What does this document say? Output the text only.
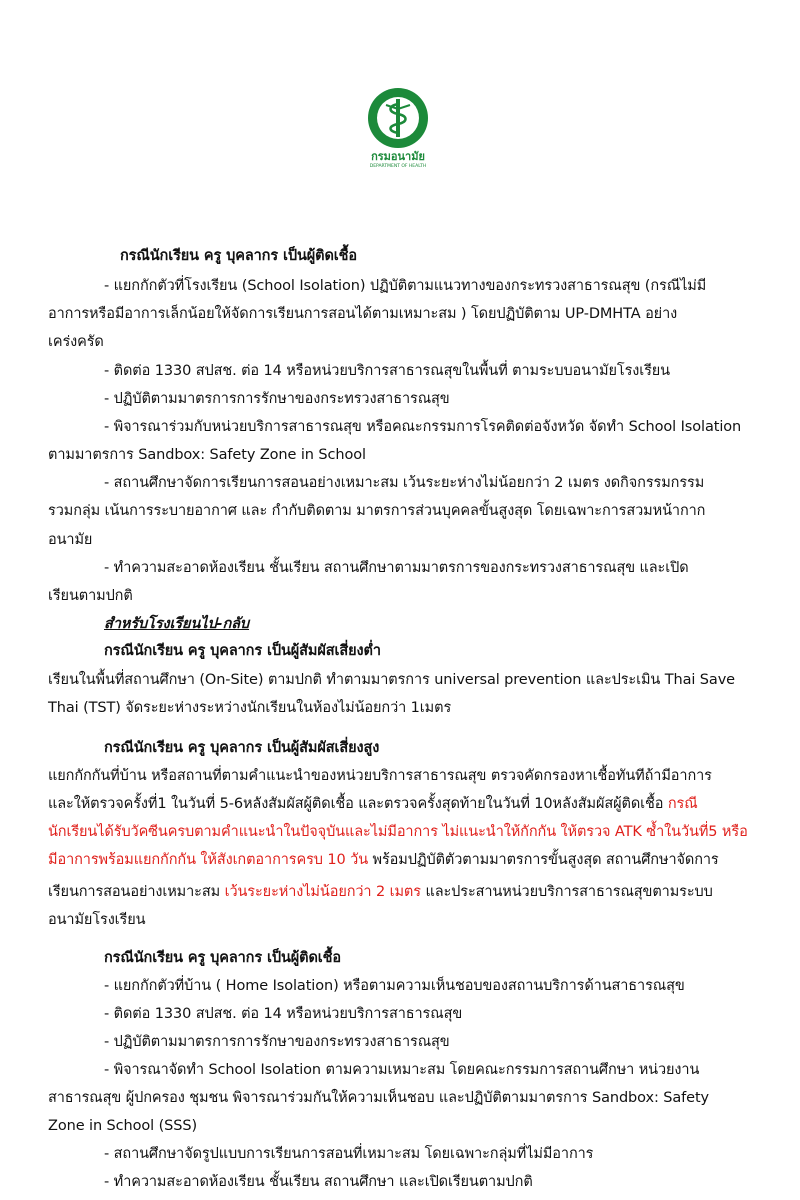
กรมอนามัย
DEPARTMENT OF HEALTH
กรณีนักเรียน ครู บุคลากร เป็นผู้ติดเชื้อ
- แยกกักตัวที่โรงเรียน (School Isolation) ปฏิบัติตามแนวทางของกระทรวงสาธารณสุข (กรณีไม่มี
อาการหรือมีอาการเล็กน้อยให้จัดการเรียนการสอนได้ตามเหมาะสม ) โดยปฏิบัติตาม UP-DMHTA อย่าง
เคร่งครัด
- ติดต่อ 1330 สปสช. ต่อ 14 หรือหน่วยบริการสาธารณสุขในพื้นที่ ตามระบบอนามัยโรงเรียน
- ปฏิบัติตามมาตรการการรักษาของกระทรวงสาธารณสุข
- พิจารณาร่วมกับหน่วยบริการสาธารณสุข หรือคณะกรรมการโรคติดต่อจังหวัด จัดทำ School Isolation
ตามมาตรการ Sandbox: Safety Zone in School
- สถานศึกษาจัดการเรียนการสอนอย่างเหมาะสม เว้นระยะห่างไม่น้อยกว่า 2 เมตร งดกิจกรรมกรรม
รวมกลุ่ม เน้นการระบายอากาศ และ กำกับติดตาม มาตรการส่วนบุคคลขั้นสูงสุด โดยเฉพาะการสวมหน้ากาก
อนามัย
- ทำความสะอาดห้องเรียน ชั้นเรียน สถานศึกษาตามมาตรการของกระทรวงสาธารณสุข และเปิด
เรียนตามปกติ
สำหรับโรงเรียนไป-กลับ
กรณีนักเรียน ครู บุคลากร เป็นผู้สัมผัสเสี่ยงต่ำ
เรียนในพื้นที่สถานศึกษา (On-Site) ตามปกติ ทำตามมาตรการ universal prevention และประเมิน Thai Save
Thai (TST) จัดระยะห่างระหว่างนักเรียนในห้องไม่น้อยกว่า 1เมตร
กรณีนักเรียน ครู บุคลากร เป็นผู้สัมผัสเสี่ยงสูง
แยกกักกันที่บ้าน หรือสถานที่ตามคำแนะนำของหน่วยบริการสาธารณสุข ตรวจคัดกรองหาเชื้อทันทีถ้ามีอาการ
และให้ตรวจครั้งที่1 ในวันที่ 5-6หลังสัมผัสผู้ติดเชื้อ และตรวจครั้งสุดท้ายในวันที่ 10หลังสัมผัสผู้ติดเชื้อ กรณี
นักเรียนได้รับวัคซีนครบตามคำแนะนำในปัจจุบันและไม่มีอาการ ไม่แนะนำให้กักกัน ให้ตรวจ ATK ซ้ำในวันที่5 หรือ
มีอาการพร้อมแยกกักกัน ให้สังเกตอาการครบ 10 วัน พร้อมปฏิบัติตัวตามมาตรการขั้นสูงสุด สถานศึกษาจัดการ
เรียนการสอนอย่างเหมาะสม เว้นระยะห่างไม่น้อยกว่า 2 เมตร และประสานหน่วยบริการสาธารณสุขตามระบบ
อนามัยโรงเรียน
กรณีนักเรียน ครู บุคลากร เป็นผู้ติดเชื้อ
- แยกกักตัวที่บ้าน ( Home Isolation) หรือตามความเห็นชอบของสถานบริการด้านสาธารณสุข
- ติดต่อ 1330 สปสช. ต่อ 14 หรือหน่วยบริการสาธารณสุข
- ปฏิบัติตามมาตรการการรักษาของกระทรวงสาธารณสุข
- พิจารณาจัดทำ School Isolation ตามความเหมาะสม โดยคณะกรรมการสถานศึกษา หน่วยงาน
สาธารณสุข ผู้ปกครอง ชุมชน พิจารณาร่วมกันให้ความเห็นชอบ และปฏิบัติตามมาตรการ Sandbox: Safety
Zone in School (SSS)
- สถานศึกษาจัดรูปแบบการเรียนการสอนที่เหมาะสม โดยเฉพาะกลุ่มที่ไม่มีอาการ
- ทำความสะอาดห้องเรียน ชั้นเรียน สถานศึกษา และเปิดเรียนตามปกติ
